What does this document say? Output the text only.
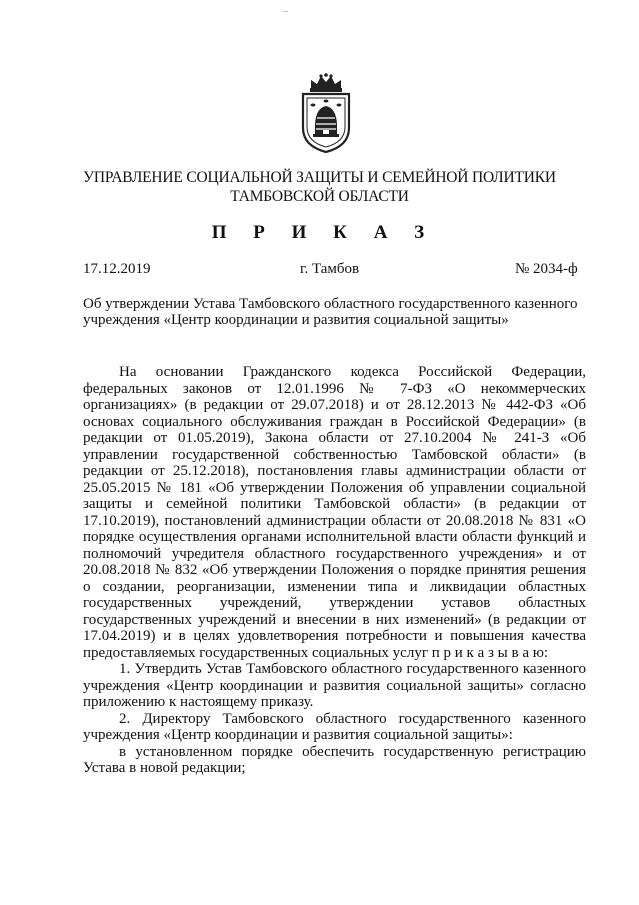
–
УПРАВЛЕНИЕ СОЦИАЛЬНОЙ ЗАЩИТЫ И СЕМЕЙНОЙ ПОЛИТИКИ
ТАМБОВСКОЙ ОБЛАСТИ
П Р И К А З
17.12.2019	г. Тамбов	№ 2034-ф
Об утверждении Устава Тамбовского областного государственного казенного учреждения «Центр координации и развития социальной защиты»

На основании Гражданского кодекса Российской Федерации, федеральных законов от 12.01.1996 № 7-ФЗ «О некоммерческих организациях» (в редакции от 29.07.2018) и от 28.12.2013 № 442-ФЗ «Об основах социального обслуживания граждан в Российской Федерации» (в редакции от 01.05.2019), Закона области от 27.10.2004 № 241-З «Об управлении государственной собственностью Тамбовской области» (в редакции от 25.12.2018), постановления главы администрации области от 25.05.2015 № 181 «Об утверждении Положения об управлении социальной защиты и семейной политики Тамбовской области» (в редакции от 17.10.2019), постановлений администрации области от 20.08.2018 № 831 «О порядке осуществления органами исполнительной власти области функций и полномочий учредителя областного государственного учреждения» и от 20.08.2018 № 832 «Об утверждении Положения о порядке принятия решения о создании, реорганизации, изменении типа и ликвидации областных государственных учреждений, утверждении уставов областных государственных учреждений и внесении в них изменений» (в редакции от 17.04.2019) и в целях удовлетворения потребности и повышения качества предоставляемых государственных социальных услуг п р и к а з ы в а ю:

1. Утвердить Устав Тамбовского областного государственного казенного учреждения «Центр координации и развития социальной защиты» согласно приложению к настоящему приказу.

2. Директору Тамбовского областного государственного казенного учреждения «Центр координации и развития социальной защиты»:

в установленном порядке обеспечить государственную регистрацию Устава в новой редакции;
